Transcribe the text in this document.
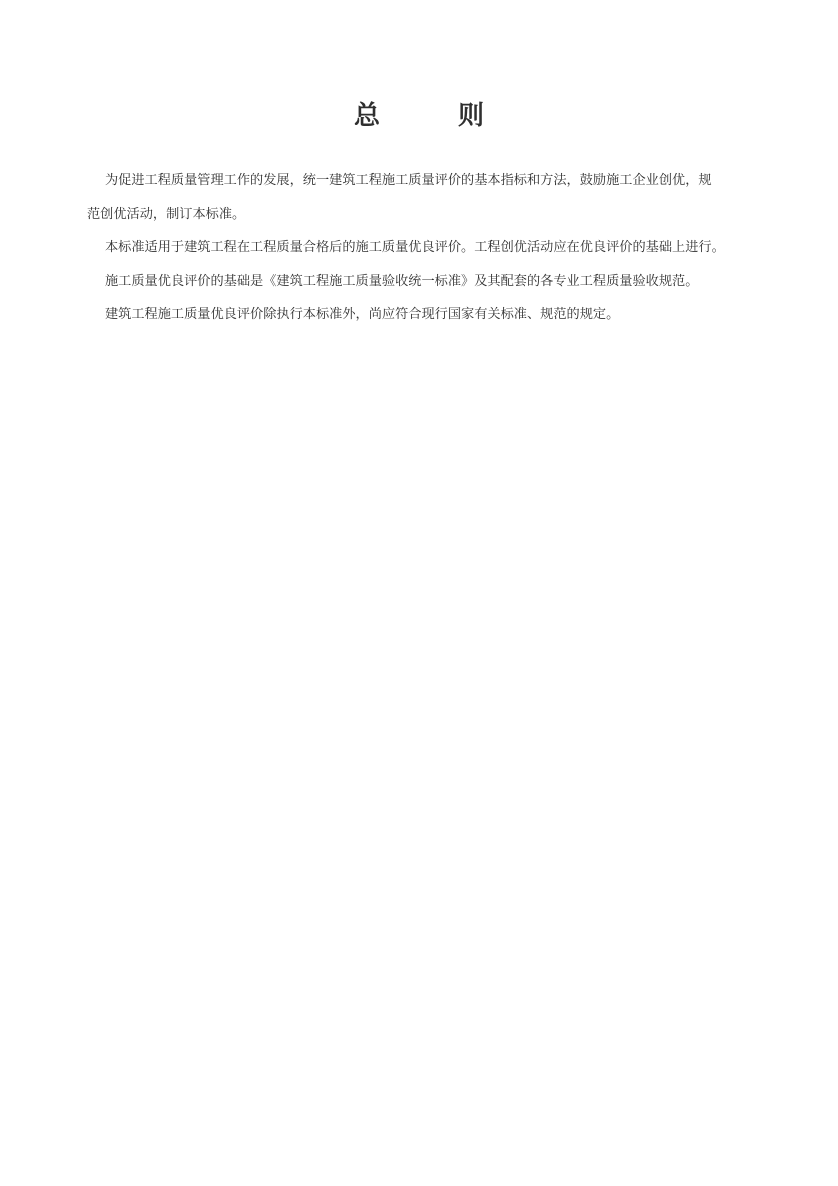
总　　　则

为促进工程质量管理工作的发展，统一建筑工程施工质量评价的基本指标和方法，鼓励施工企业创优，规
范创优活动，制订本标准。

本标准适用于建筑工程在工程质量合格后的施工质量优良评价。工程创优活动应在优良评价的基础上进行。

施工质量优良评价的基础是《建筑工程施工质量验收统一标准》及其配套的各专业工程质量验收规范。

建筑工程施工质量优良评价除执行本标准外，尚应符合现行国家有关标准、规范的规定。
